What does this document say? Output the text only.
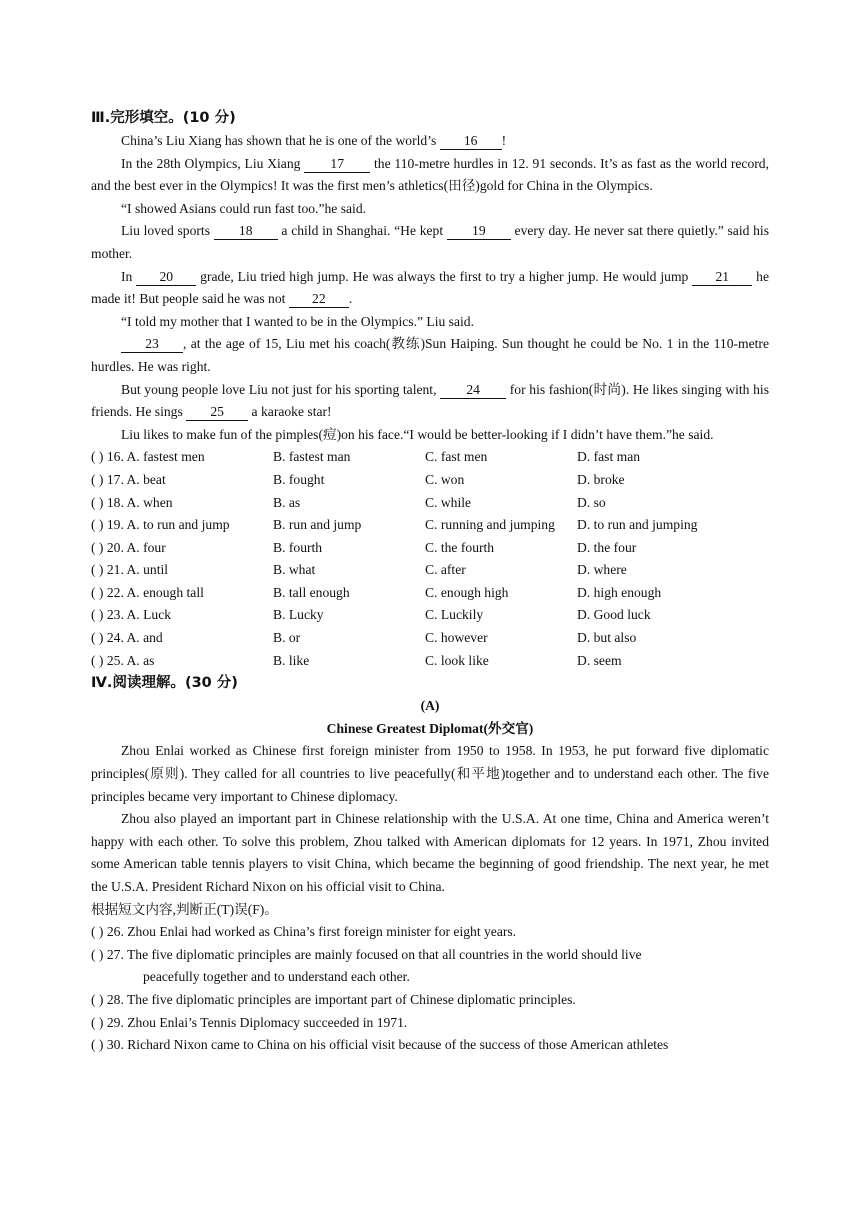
Ⅲ.完形填空。(10 分)

China’s Liu Xiang has shown that he is one of the world’s 16 !

In the 28th Olympics, Liu Xiang 17 the 110-metre hurdles in 12. 91 seconds. It’s as fast as the world record, and the best ever in the Olympics! It was the first men’s athletics(田径)gold for China in the Olympics.

“I showed Asians could run fast too.”he said.

Liu loved sports 18 a child in Shanghai. “He kept 19 every day. He never sat there quietly.” said his mother.

In 20 grade, Liu tried high jump. He was always the first to try a higher jump. He would jump 21 he made it! But people said he was not 22 .

“I told my mother that I wanted to be in the Olympics.” Liu said.

23 , at the age of 15, Liu met his coach(教练)Sun Haiping. Sun thought he could be No. 1 in the 110-metre hurdles. He was right.

But young people love Liu not just for his sporting talent, 24 for his fashion(时尚). He likes singing with his friends. He sings 25 a karaoke star!

Liu likes to make fun of the pimples(痘)on his face.“I would be better-looking if I didn’t have them.”he said.

( ) 16. A. fastest men	B. fastest man	C. fast men	D. fast man
( ) 17. A. beat	B. fought	C. won	D. broke
( ) 18. A. when	B. as	C. while	D. so
( ) 19. A. to run and jump	B. run and jump	C. running and jumping	D. to run and jumping
( ) 20. A. four	B. fourth	C. the fourth	D. the four
( ) 21. A. until	B. what	C. after	D. where
( ) 22. A. enough tall	B. tall enough	C. enough high	D. high enough
( ) 23. A. Luck	B. Lucky	C. Luckily	D. Good luck
( ) 24. A. and	B. or	C. however	D. but also
( ) 25. A. as	B. like	C. look like	D. seem
Ⅳ.阅读理解。(30 分)
(A)
Chinese Greatest Diplomat(外交官)

Zhou Enlai worked as Chinese first foreign minister from 1950 to 1958. In 1953, he put forward five diplomatic principles(原则). They called for all countries to live peacefully(和平地)together and to understand each other. The five principles became very important to Chinese diplomacy.

Zhou also played an important part in Chinese relationship with the U.S.A. At one time, China and America weren’t happy with each other. To solve this problem, Zhou talked with American diplomats for 12 years. In 1971, Zhou invited some American table tennis players to visit China, which became the beginning of good friendship. The next year, he met the U.S.A. President Richard Nixon on his official visit to China.

根据短文内容,判断正(T)误(F)。

( ) 26. Zhou Enlai had worked as China’s first foreign minister for eight years.

( ) 27. The five diplomatic principles are mainly focused on that all countries in the world should live
peacefully together and to understand each other.

( ) 28. The five diplomatic principles are important part of Chinese diplomatic principles.

( ) 29. Zhou Enlai’s Tennis Diplomacy succeeded in 1971.

( ) 30. Richard Nixon came to China on his official visit because of the success of those American athletes
